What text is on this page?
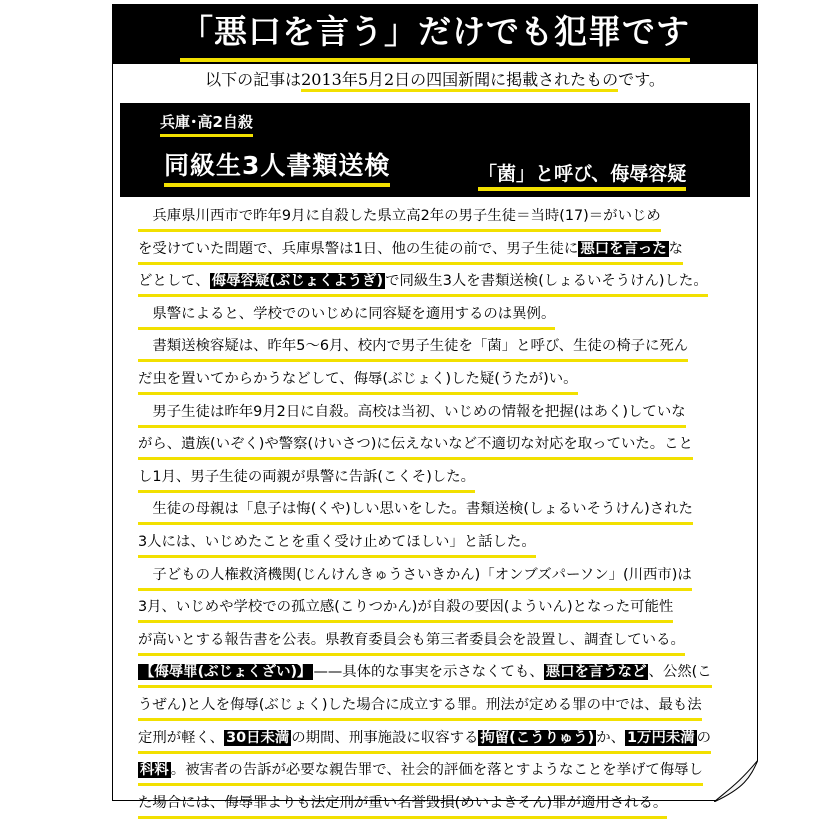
「悪口を言う」だけでも犯罪です
以下の記事は2013年5月2日の四国新聞に掲載されたものです。
兵庫･高2自殺
同級生3人書類送検	「菌」と呼び、侮辱容疑
　兵庫県川西市で昨年9月に自殺した県立高2年の男子生徒＝当時(17)＝がいじめ
を受けていた問題で、兵庫県警は1日、他の生徒の前で、男子生徒に 悪口を言った な
どとして、 侮辱容疑(ぶじょくようぎ) で同級生3人を書類送検(しょるいそうけん)した。
　県警によると、学校でのいじめに同容疑を適用するのは異例。
　書類送検容疑は、昨年5～6月、校内で男子生徒を「菌」と呼び、生徒の椅子に死ん
だ虫を置いてからかうなどして、侮辱(ぶじょく)した疑(うたが)い。
　男子生徒は昨年9月2日に自殺。高校は当初、いじめの情報を把握(はあく)していな
がら、遺族(いぞく)や警察(けいさつ)に伝えないなど不適切な対応を取っていた。こと
し1月、男子生徒の両親が県警に告訴(こくそ)した。
　生徒の母親は「息子は悔(くや)しい思いをした。書類送検(しょるいそうけん)された
3人には、いじめたことを重く受け止めてほしい」と話した。
　子どもの人権救済機関(じんけんきゅうさいきかん)「オンブズパーソン」(川西市)は
3月、いじめや学校での孤立感(こりつかん)が自殺の要因(よういん)となった可能性
が高いとする報告書を公表。県教育委員会も第三者委員会を設置し、調査している。
【侮辱罪(ぶじょくざい)】 ——具体的な事実を示さなくても、 悪口を言うなど 、公然(こ
うぜん)と人を侮辱(ぶじょく)した場合に成立する罪。刑法が定める罪の中では、最も法
定刑が軽く、 30日未満 の期間、刑事施設に収容する 拘留(こうりゅう) か、 1万円未満 の
科料 。被害者の告訴が必要な親告罪で、社会的評価を落とすようなことを挙げて侮辱し
た場合には、侮辱罪よりも法定刑が重い名誉毀損(めいよきそん)罪が適用される。
